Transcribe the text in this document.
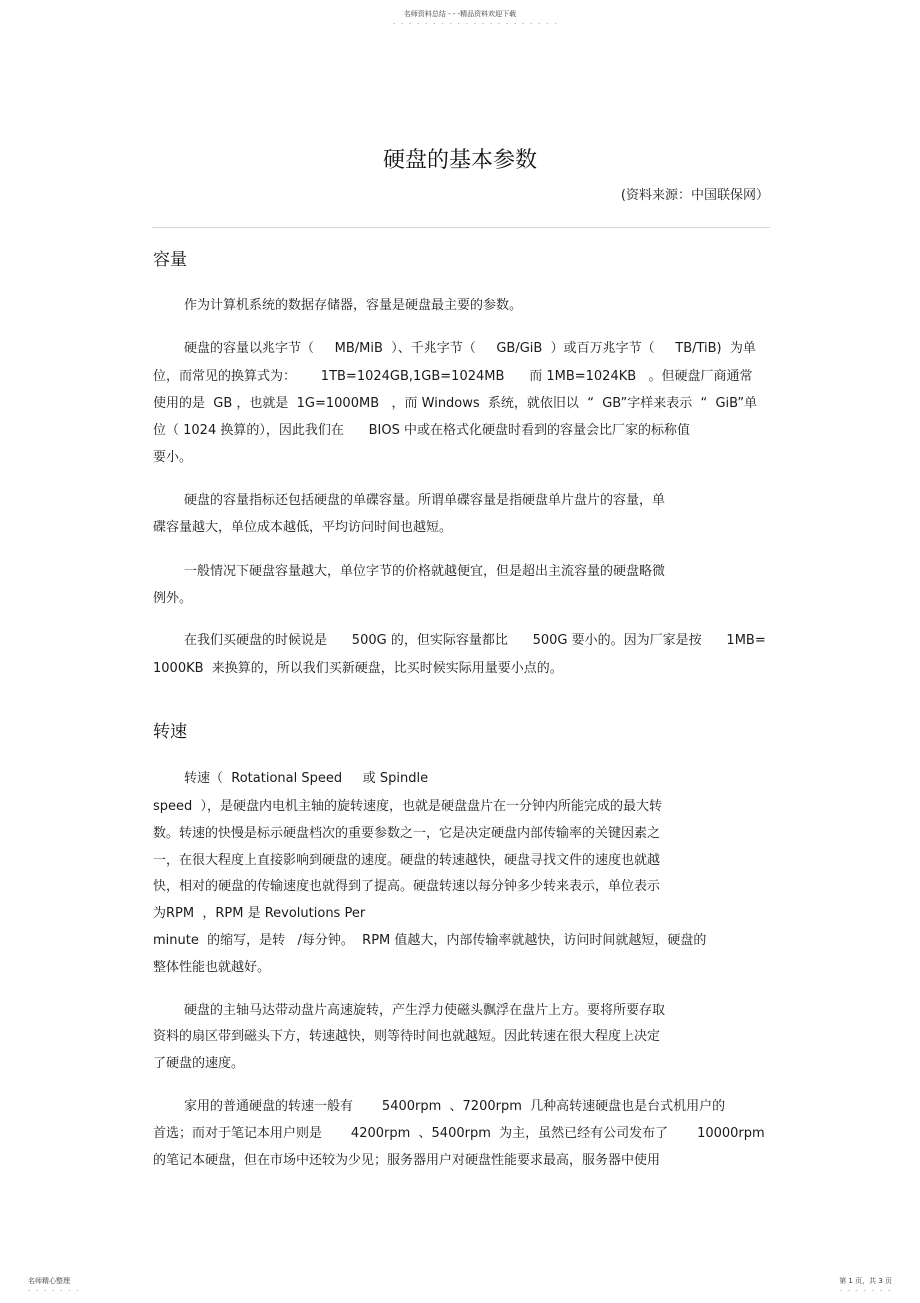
名师资料总结 - - -精品资料欢迎下载
- - - - - - - - - - - - - - - - - - - - -
硬盘的基本参数
(资料来源：中国联保网）
容量
作为计算机系统的数据存储器，容量是硬盘最主要的参数。
硬盘的容量以兆字节（     MB/MiB  ）、千兆字节（     GB/GiB  ）或百万兆字节（     TB/TiB)  为单
位，而常见的换算式为：      1TB=1024GB,1GB=1024MB      而 1MB=1024KB   。但硬盘厂商通常
使用的是  GB ，也就是  1G=1000MB   ，而 Windows  系统，就依旧以  “  GB”字样来表示  “  GiB”单
位（ 1024 换算的），因此我们在      BIOS 中或在格式化硬盘时看到的容量会比厂家的标称值
要小。
硬盘的容量指标还包括硬盘的单碟容量。所谓单碟容量是指硬盘单片盘片的容量，单
碟容量越大，单位成本越低，平均访问时间也越短。
一般情况下硬盘容量越大，单位字节的价格就越便宜，但是超出主流容量的硬盘略微
例外。
在我们买硬盘的时候说是      500G 的，但实际容量都比      500G 要小的。因为厂家是按      1MB=
1000KB  来换算的，所以我们买新硬盘，比买时候实际用量要小点的。
转速
转速（  Rotational Speed     或 Spindle
speed  ），是硬盘内电机主轴的旋转速度，也就是硬盘盘片在一分钟内所能完成的最大转
数。转速的快慢是标示硬盘档次的重要参数之一，它是决定硬盘内部传输率的关键因素之
一，在很大程度上直接影响到硬盘的速度。硬盘的转速越快，硬盘寻找文件的速度也就越
快，相对的硬盘的传输速度也就得到了提高。硬盘转速以每分钟多少转来表示，单位表示
为RPM  ，RPM 是 Revolutions Per
minute  的缩写，是转   /每分钟。  RPM 值越大，内部传输率就越快，访问时间就越短，硬盘的
整体性能也就越好。
硬盘的主轴马达带动盘片高速旋转，产生浮力使磁头飘浮在盘片上方。要将所要存取
资料的扇区带到磁头下方，转速越快，则等待时间也就越短。因此转速在很大程度上决定
了硬盘的速度。
家用的普通硬盘的转速一般有       5400rpm  、7200rpm  几种高转速硬盘也是台式机用户的
首选；而对于笔记本用户则是       4200rpm  、5400rpm  为主，虽然已经有公司发布了       10000rpm
的笔记本硬盘，但在市场中还较为少见；服务器用户对硬盘性能要求最高，服务器中使用
名师精心整理	第 1 页，共 3 页
- - - - - - -	- - - - - - -
